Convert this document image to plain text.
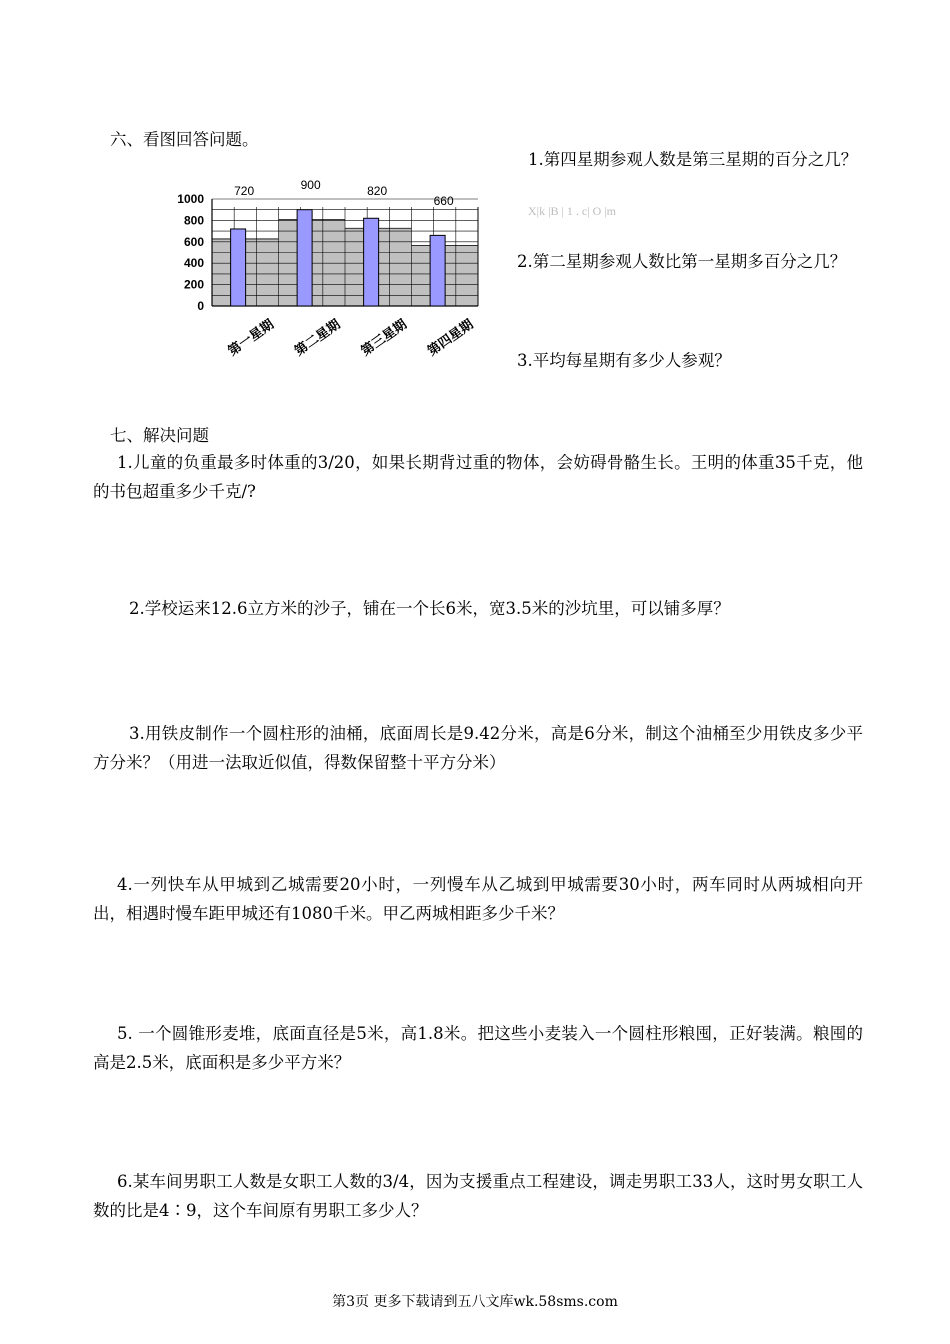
六、看图回答问题。
1.第四星期参观人数是第三星期的百分之几？
X|k |B | 1 . c| O |m
2.第二星期参观人数比第一星期多百分之几？
3.平均每星期有多少人参观？
1000
800
600
400
200
0
720	900	820
660
第一星期 第二星期 第三星期 第四星期
七、解决问题
1.儿童的负重最多时体重的3/20，如果长期背过重的物体，会妨碍骨骼生长。王明的体重35千克，他的书包超重多少千克/?
2.学校运来12.6立方米的沙子，铺在一个长6米，宽3.5米的沙坑里，可以铺多厚？
3.用铁皮制作一个圆柱形的油桶，底面周长是9.42分米，高是6分米，制这个油桶至少用铁皮多少平方分米？（用进一法取近似值，得数保留整十平方分米）
4.一列快车从甲城到乙城需要20小时，一列慢车从乙城到甲城需要30小时，两车同时从两城相向开出，相遇时慢车距甲城还有1080千米。甲乙两城相距多少千米？
5. 一个圆锥形麦堆，底面直径是5米，高1.8米。把这些小麦装入一个圆柱形粮囤，正好装满。粮囤的高是2.5米，底面积是多少平方米？
6.某车间男职工人数是女职工人数的3/4，因为支援重点工程建设，调走男职工33人，这时男女职工人数的比是4∶9，这个车间原有男职工多少人？
第3页 更多下载请到五八文库wk.58sms.com
